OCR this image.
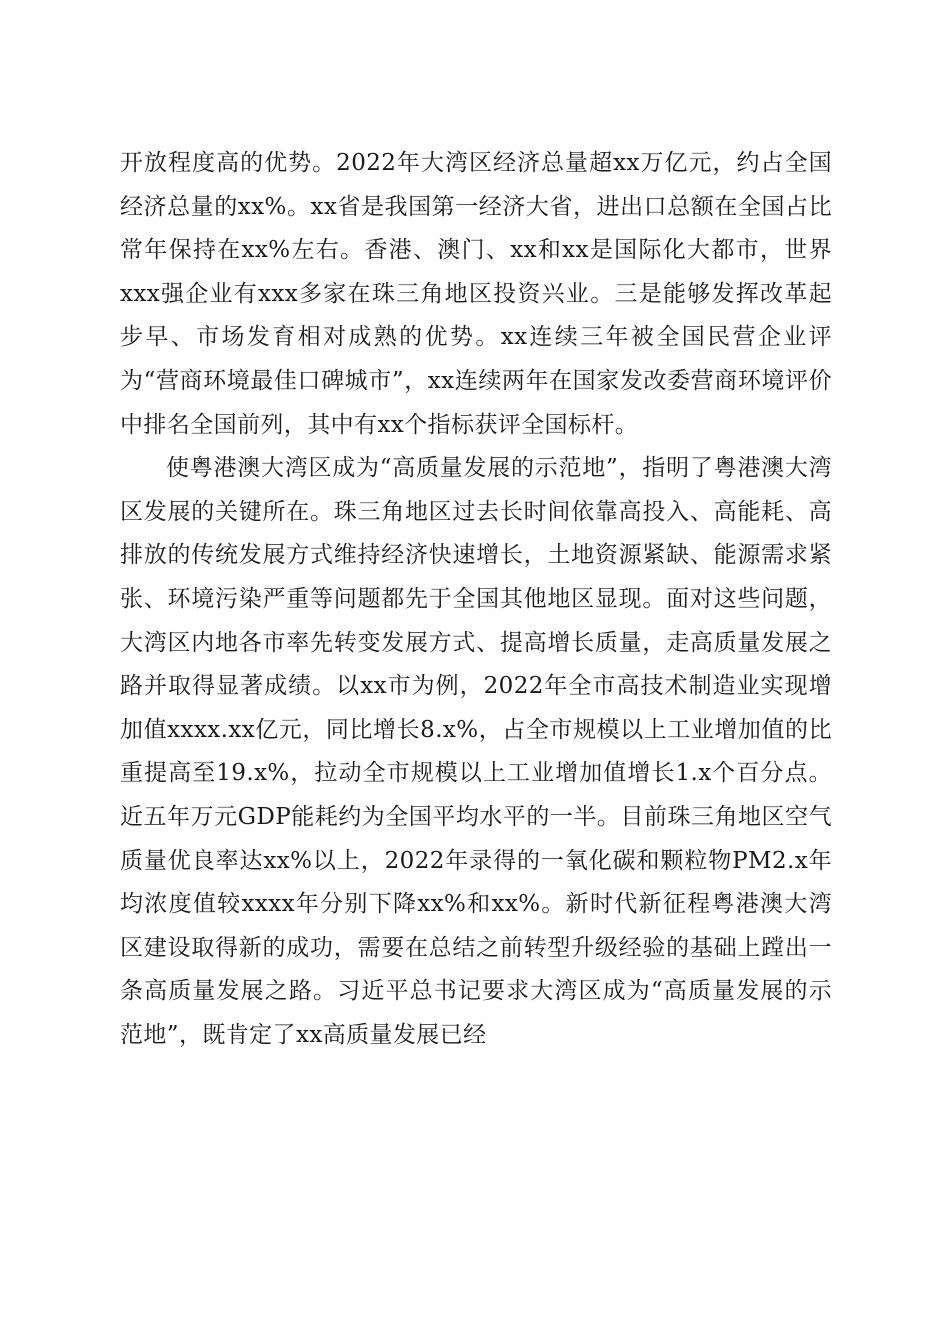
开放程度高的优势。2022年大湾区经济总量超xx万亿元，约占全国经济总量的xx%。xx省是我国第一经济大省，进出口总额在全国占比常年保持在xx%左右。香港、澳门、xx和xx是国际化大都市，世界xxx强企业有xxx多家在珠三角地区投资兴业。三是能够发挥改革起步早、市场发育相对成熟的优势。xx连续三年被全国民营企业评为“营商环境最佳口碑城市”，xx连续两年在国家发改委营商环境评价中排名全国前列，其中有xx个指标获评全国标杆。

使粤港澳大湾区成为“高质量发展的示范地”，指明了粤港澳大湾区发展的关键所在。珠三角地区过去长时间依靠高投入、高能耗、高排放的传统发展方式维持经济快速增长，土地资源紧缺、能源需求紧张、环境污染严重等问题都先于全国其他地区显现。面对这些问题，大湾区内地各市率先转变发展方式、提高增长质量，走高质量发展之路并取得显著成绩。以xx市为例，2022年全市高技术制造业实现增加值xxxx.xx亿元，同比增长8.x%，占全市规模以上工业增加值的比重提高至19.x%，拉动全市规模以上工业增加值增长1.x个百分点。近五年万元GDP能耗约为全国平均水平的一半。目前珠三角地区空气质量优良率达xx%以上，2022年录得的一氧化碳和颗粒物PM2.x年均浓度值较xxxx年分别下降xx%和xx%。新时代新征程粤港澳大湾区建设取得新的成功，需要在总结之前转型升级经验的基础上蹚出一条高质量发展之路。习近平总书记要求大湾区成为“高质量发展的示范地”，既肯定了xx高质量发展已经
